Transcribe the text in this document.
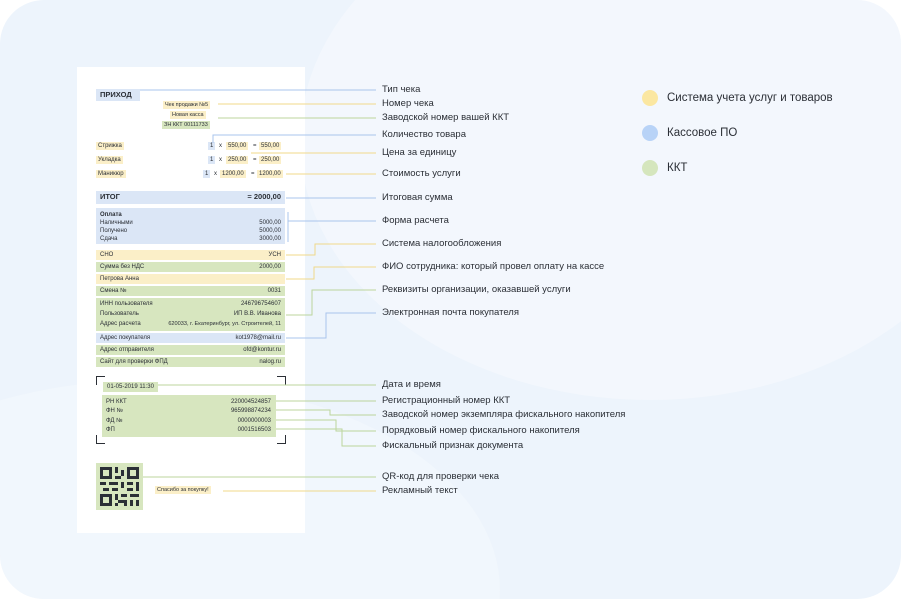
ПРИХОД
Чек продажи №5
Новая касса
ЗН ККТ 00111733
Стрижка	1 x	550,00	= 550,00
Укладка	1 x	250,00	= 250,00
Маникюр	1 x 1200,00	= 1200,00
ИТОГ	= 2000,00
Оплата
Наличными	5000,00
Получено	5000,00
Сдача	3000,00
СНО	УСН
Сумма без НДС	2000,00
Петрова Анна
Смена №	0031
ИНН пользователя	246796754607
Пользователь	ИП В.В. Иванова
Адрес расчета	620033, г. Екатеринбург, ул. Строителей, 11
Адрес покупателя	kot1978@mail.ru
Адрес отправителя	ofd@kontur.ru
Сайт для проверки ФПД	nalog.ru
01-05-2019 11:30
РН ККТ	220004524857
ФН №	965998874234
ФД №	0000000003
ФП	0001516503
Спасибо за покупку!
Тип чека
Номер чека
Заводской номер вашей ККТ
Количество товара
Цена за единицу
Стоимость услуги
Итоговая сумма
Форма расчета
Система налогообложения
ФИО сотрудника: который провел оплату на кассе
Реквизиты организации, оказавшей услуги
Электронная почта покупателя
Дата и время
Регистрационный номер ККТ
Заводской номер экземпляра фискального накопителя
Порядковый номер фискального накопителя
Фискальный признак документа
QR-код для проверки чека
Рекламный текст
Система учета услуг и товаров
Кассовое ПО
ККТ
